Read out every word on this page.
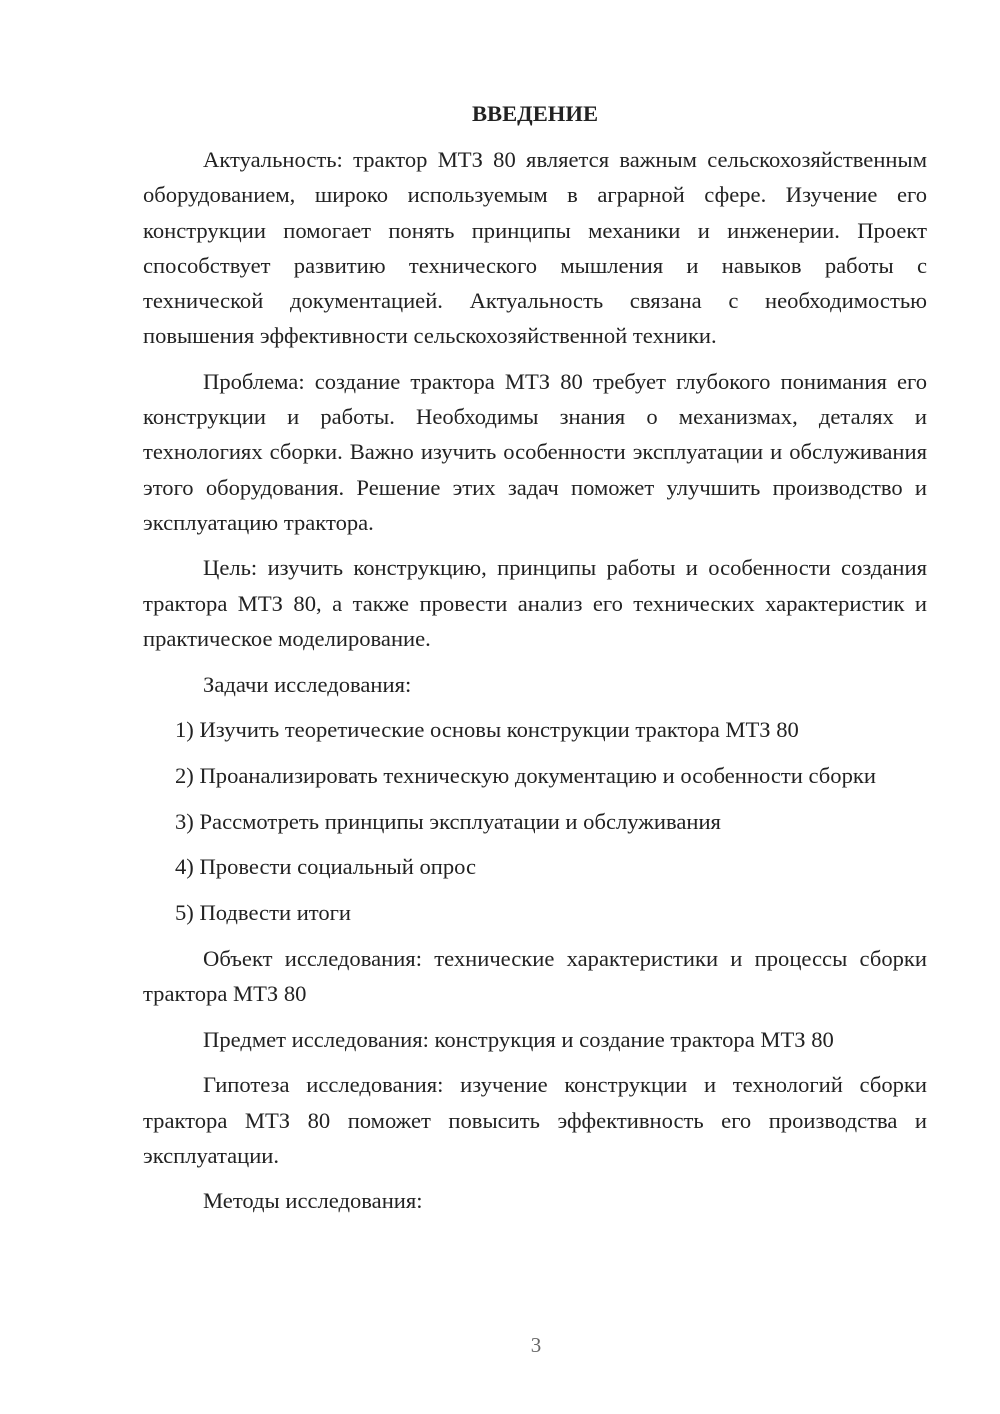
ВВЕДЕНИЕ

Актуальность: трактор МТЗ 80 является важным сельскохозяйственным оборудованием, широко используемым в аграрной сфере. Изучение его конструкции помогает понять принципы механики и инженерии. Проект способствует развитию технического мышления и навыков работы с технической документацией. Актуальность связана с необходимостью повышения эффективности сельскохозяйственной техники.

Проблема: создание трактора МТЗ 80 требует глубокого понимания его конструкции и работы. Необходимы знания о механизмах, деталях и технологиях сборки. Важно изучить особенности эксплуатации и обслуживания этого оборудования. Решение этих задач поможет улучшить производство и эксплуатацию трактора.

Цель: изучить конструкцию, принципы работы и особенности создания трактора МТЗ 80, а также провести анализ его технических характеристик и практическое моделирование.

Задачи исследования:

1) Изучить теоретические основы конструкции трактора МТЗ 80

2) Проанализировать техническую документацию и особенности сборки

3) Рассмотреть принципы эксплуатации и обслуживания

4) Провести социальный опрос

5) Подвести итоги

Объект исследования: технические характеристики и процессы сборки трактора МТЗ 80

Предмет исследования: конструкция и создание трактора МТЗ 80

Гипотеза исследования: изучение конструкции и технологий сборки трактора МТЗ 80 поможет повысить эффективность его производства и эксплуатации.

Методы исследования:

3
